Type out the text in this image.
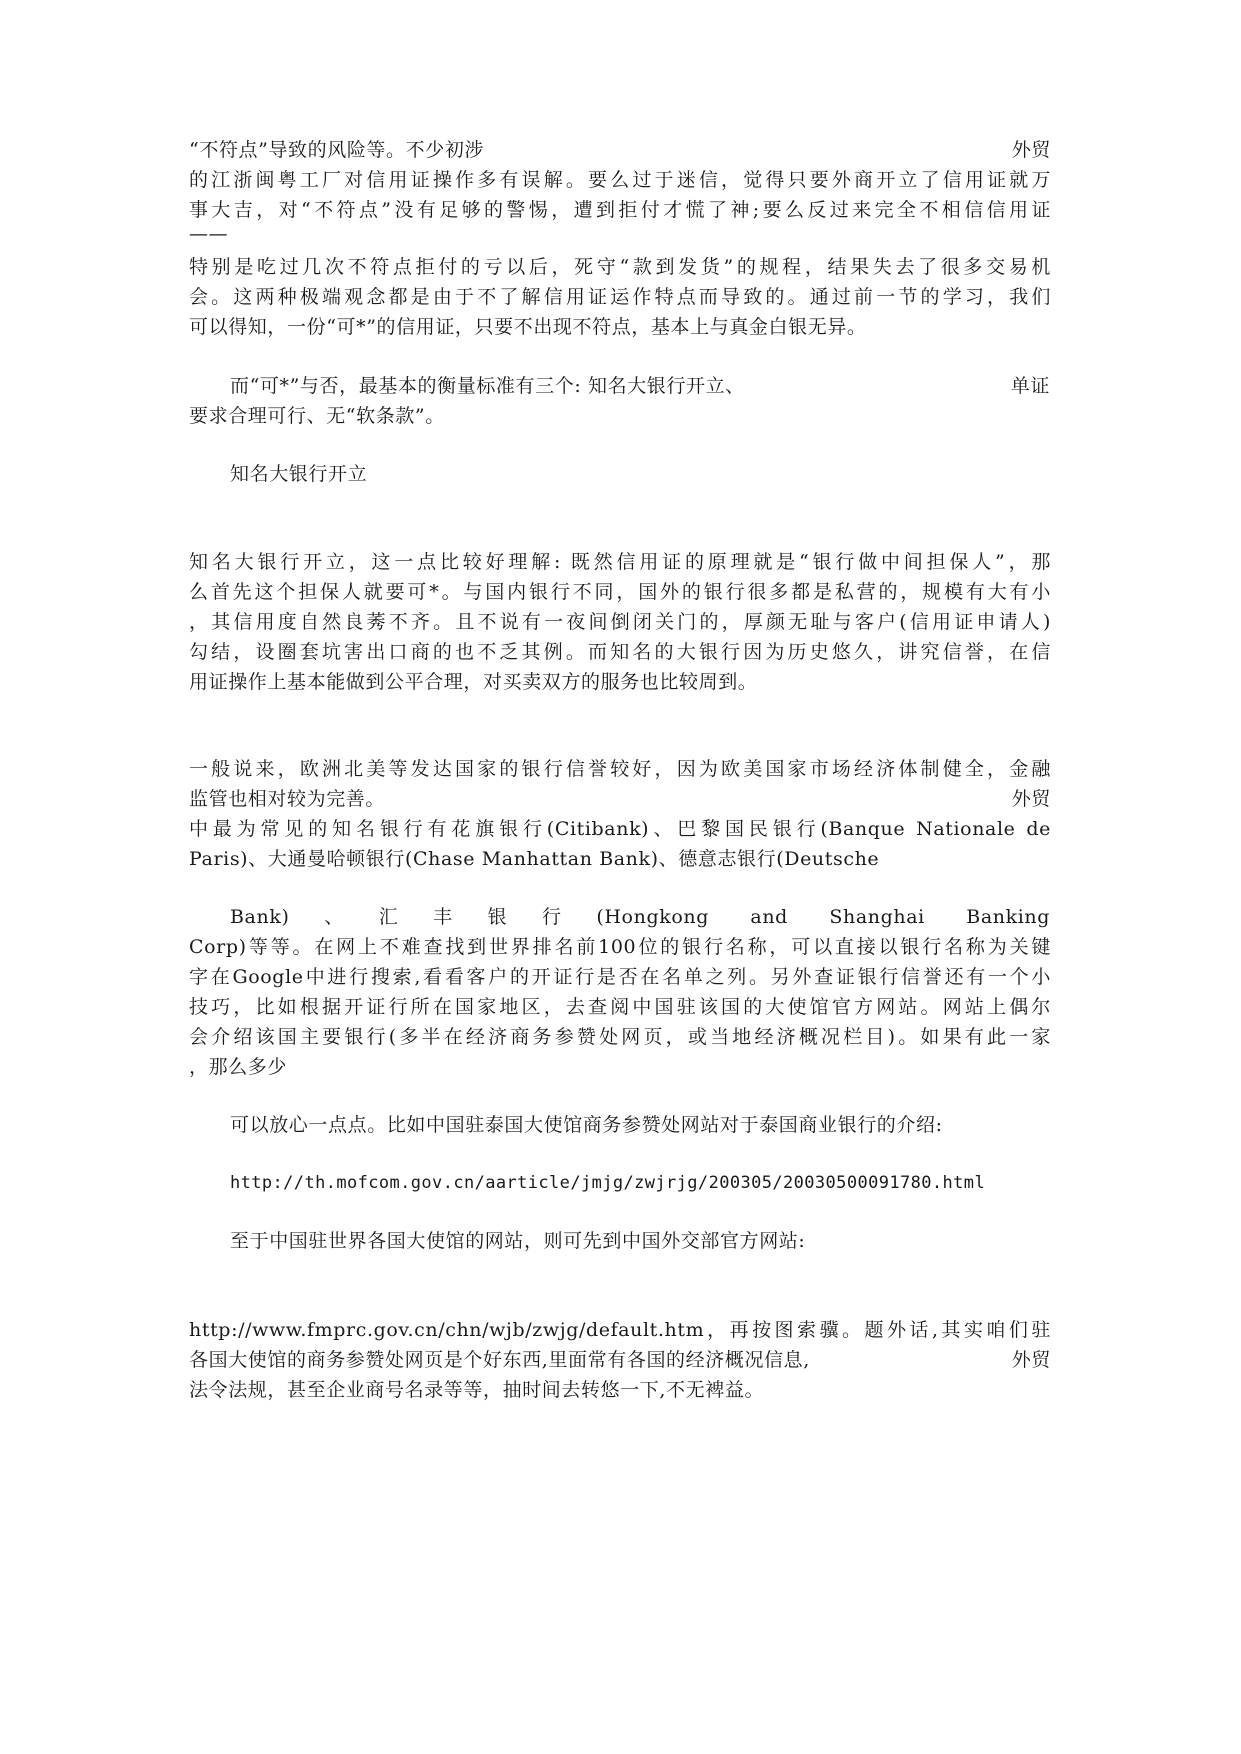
“不符点”导致的风险等。不少初涉	外贸
的江浙闽粤工厂对信用证操作多有误解。要么过于迷信，觉得只要外商开立了信用证就万
事大吉，对“不符点”没有足够的警惕，遭到拒付才慌了神;要么反过来完全不相信信用证
——
特别是吃过几次不符点拒付的亏以后，死守“款到发货”的规程，结果失去了很多交易机
会。这两种极端观念都是由于不了解信用证运作特点而导致的。通过前一节的学习，我们
可以得知，一份“可*”的信用证，只要不出现不符点，基本上与真金白银无异。
而“可*”与否，最基本的衡量标准有三个: 知名大银行开立、	单证
要求合理可行、无“软条款”。
知名大银行开立
知名大银行开立，这一点比较好理解: 既然信用证的原理就是“银行做中间担保人”，那
么首先这个担保人就要可*。与国内银行不同，国外的银行很多都是私营的，规模有大有小
，其信用度自然良莠不齐。且不说有一夜间倒闭关门的，厚颜无耻与客户(信用证申请人)
勾结，设圈套坑害出口商的也不乏其例。而知名的大银行因为历史悠久，讲究信誉，在信
用证操作上基本能做到公平合理，对买卖双方的服务也比较周到。
一般说来，欧洲北美等发达国家的银行信誉较好，因为欧美国家市场经济体制健全，金融
监管也相对较为完善。	外贸
中最为常见的知名银行有花旗银行(Citibank)、巴黎国民银行(Banque Nationale de
Paris)、大通曼哈顿银行(Chase Manhattan Bank)、德意志银行(Deutsche
Bank)、汇丰银行(Hongkong and Shanghai Banking
Corp)等等。在网上不难查找到世界排名前100位的银行名称，可以直接以银行名称为关键
字在Google中进行搜索,看看客户的开证行是否在名单之列。另外查证银行信誉还有一个小
技巧，比如根据开证行所在国家地区，去查阅中国驻该国的大使馆官方网站。网站上偶尔
会介绍该国主要银行(多半在经济商务参赞处网页，或当地经济概况栏目)。如果有此一家
，那么多少
可以放心一点点。比如中国驻泰国大使馆商务参赞处网站对于泰国商业银行的介绍:
http://th.mofcom.gov.cn/aarticle/jmjg/zwjrjg/200305/20030500091780.html
至于中国驻世界各国大使馆的网站，则可先到中国外交部官方网站:
http://www.fmprc.gov.cn/chn/wjb/zwjg/default.htm，再按图索骥。题外话,其实咱们驻
各国大使馆的商务参赞处网页是个好东西,里面常有各国的经济概况信息,	外贸
法令法规，甚至企业商号名录等等，抽时间去转悠一下,不无裨益。
